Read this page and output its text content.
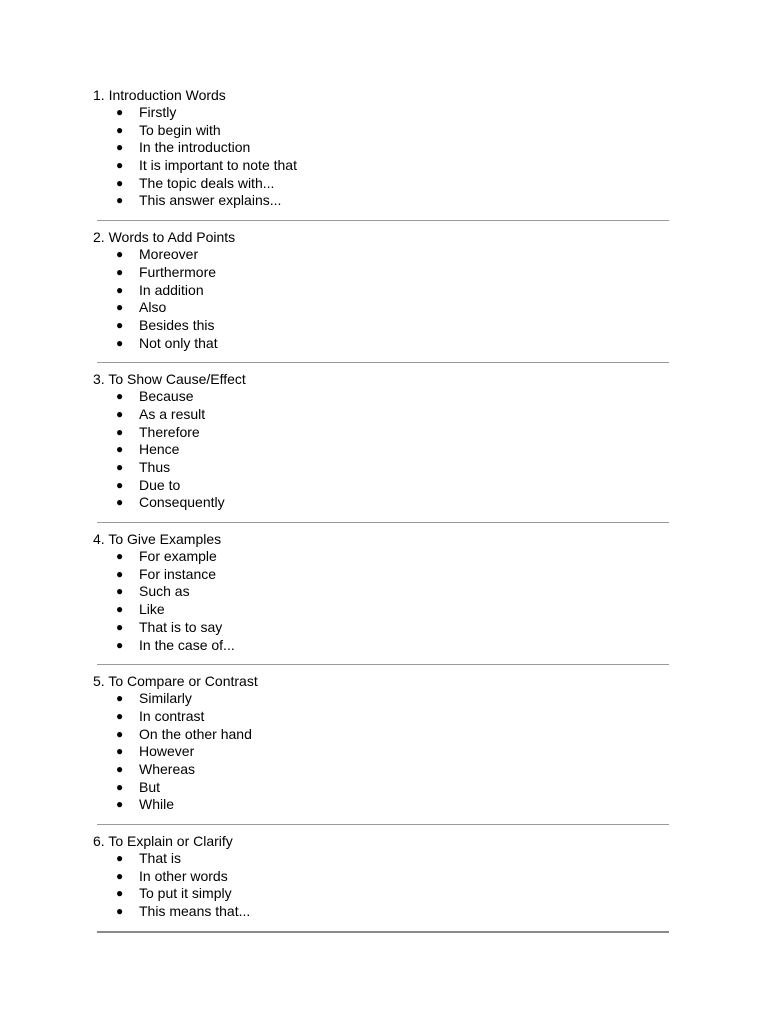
1. Introduction Words
● Firstly
● To begin with
● In the introduction
● It is important to note that
● The topic deals with...
● This answer explains...
2. Words to Add Points
● Moreover
● Furthermore
● In addition
● Also
● Besides this
● Not only that
3. To Show Cause/Effect
● Because
● As a result
● Therefore
● Hence
● Thus
● Due to
● Consequently
4. To Give Examples
● For example
● For instance
● Such as
● Like
● That is to say
● In the case of...
5. To Compare or Contrast
● Similarly
● In contrast
● On the other hand
● However
● Whereas
● But
● While
6. To Explain or Clarify
● That is
● In other words
● To put it simply
● This means that...
